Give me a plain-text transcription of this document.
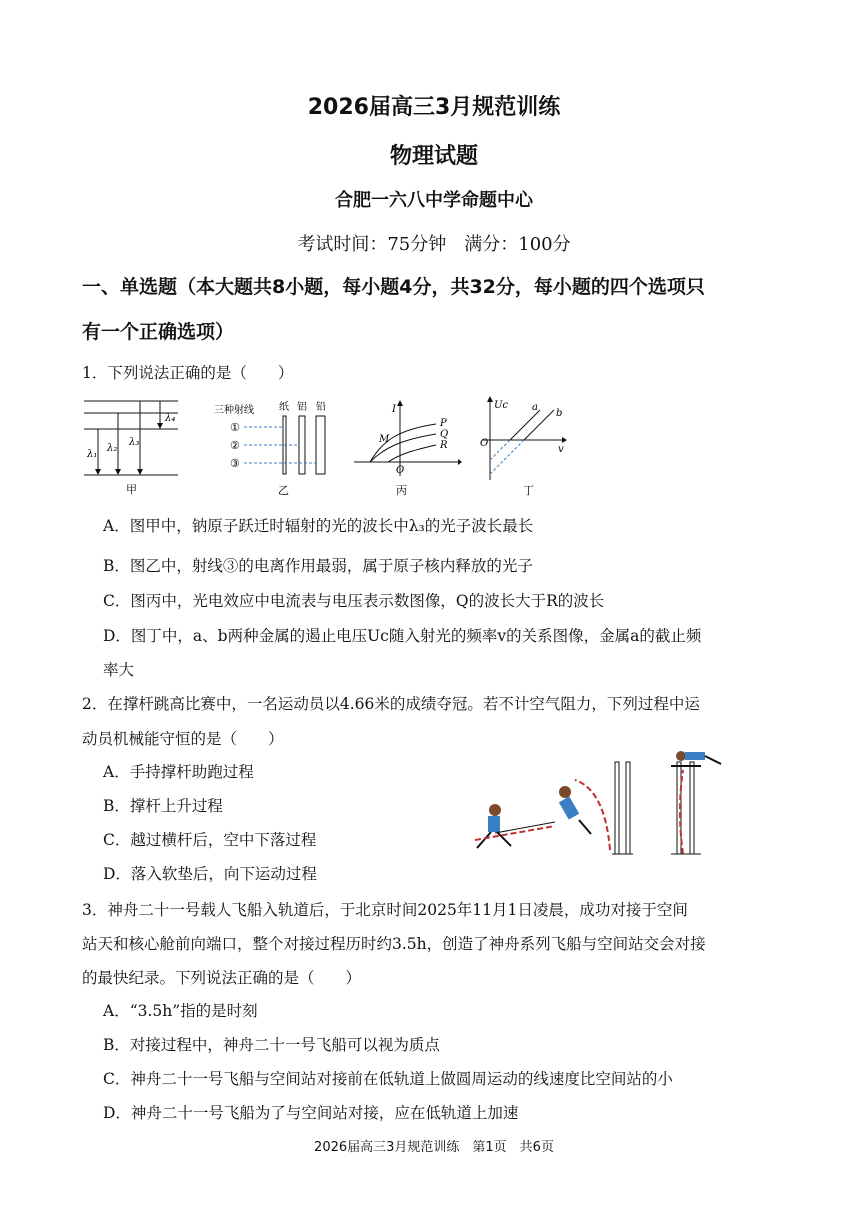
2026届高三3月规范训练
物理试题
合肥一六八中学命题中心
考试时间：75分钟　满分：100分
一、单选题（本大题共8小题，每小题4分，共32分，每小题的四个选项只
有一个正确选项）
1．下列说法正确的是（　　）
λ₄
λ₁
λ₂
λ₃
甲
三种射线	纸 铝 铅
①
②
③
乙
I
O
P
Q
R
M
丙
Uc
O
v
a
b
丁
A．图甲中，钠原子跃迁时辐射的光的波长中λ₃的光子波长最长
B．图乙中，射线③的电离作用最弱，属于原子核内释放的光子
C．图丙中，光电效应中电流表与电压表示数图像，Q的波长大于R的波长
D．图丁中，a、b两种金属的遏止电压Uc随入射光的频率v的关系图像，金属a的截止频
率大
2．在撑杆跳高比赛中，一名运动员以4.66米的成绩夺冠。若不计空气阻力，下列过程中运
动员机械能守恒的是（　　）
A．手持撑杆助跑过程
B．撑杆上升过程
C．越过横杆后，空中下落过程
D．落入软垫后，向下运动过程
3．神舟二十一号载人飞船入轨道后，于北京时间2025年11月1日凌晨，成功对接于空间
站天和核心舱前向端口，整个对接过程历时约3.5h，创造了神舟系列飞船与空间站交会对接
的最快纪录。下列说法正确的是（　　）
A．“3.5h”指的是时刻
B．对接过程中，神舟二十一号飞船可以视为质点
C．神舟二十一号飞船与空间站对接前在低轨道上做圆周运动的线速度比空间站的小
D．神舟二十一号飞船为了与空间站对接，应在低轨道上加速
2026届高三3月规范训练　第1页　共6页
